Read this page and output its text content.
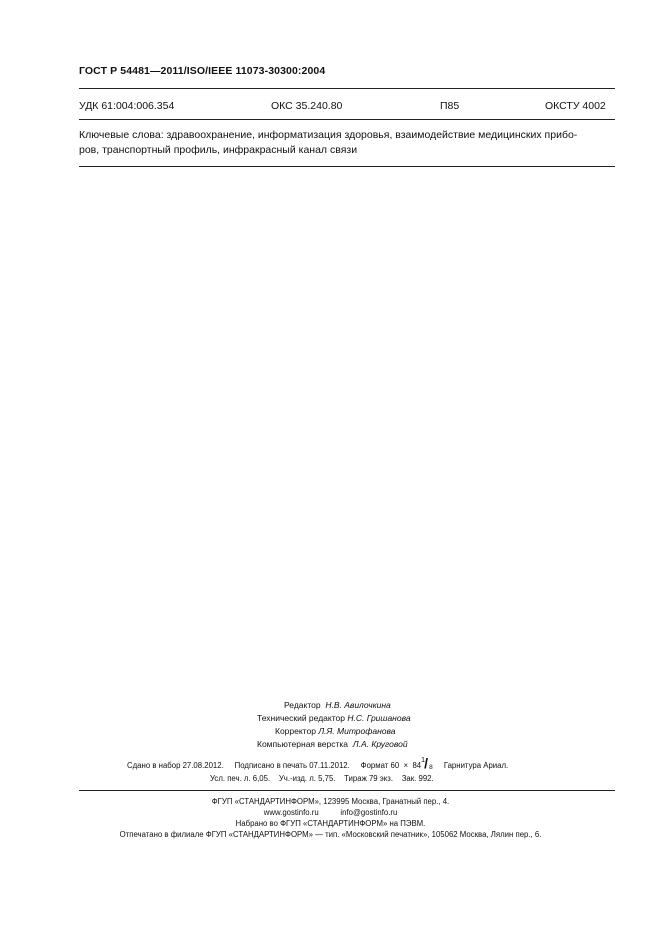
ГОСТ Р 54481—2011/ISO/IEEE 11073-30300:2004
УДК 61:004:006.354	ОКС 35.240.80	П85	ОКСТУ 4002
Ключевые слова: здравоохранение, информатизация здоровья, взаимодействие медицинских прибо-
ров, транспортный профиль, инфракрасный канал связи
Редактор Н.В. Авилочкина
Технический редактор Н.С. Гришанова
Корректор Л.Я. Митрофанова
Компьютерная верстка Л.А. Круговой
Сдано в набор 27.08.2012. Подписано в печать 07.11.2012. Формат 60 × 84
1 / 8 Гарнитура Ариал.
Усл. печ. л. 6,05. Уч.-изд. л. 5,75. Тираж 79 экз. Зак. 992.
ФГУП «СТАНДАРТИНФОРМ», 123995 Москва, Гранатный пер., 4.
www.gostinfo.ru	info@gostinfo.ru
Набрано во ФГУП «СТАНДАРТИНФОРМ» на ПЭВМ.
Отпечатано в филиале ФГУП «СТАНДАРТИНФОРМ» — тип. «Московский печатник», 105062 Москва, Лялин пер., 6.
